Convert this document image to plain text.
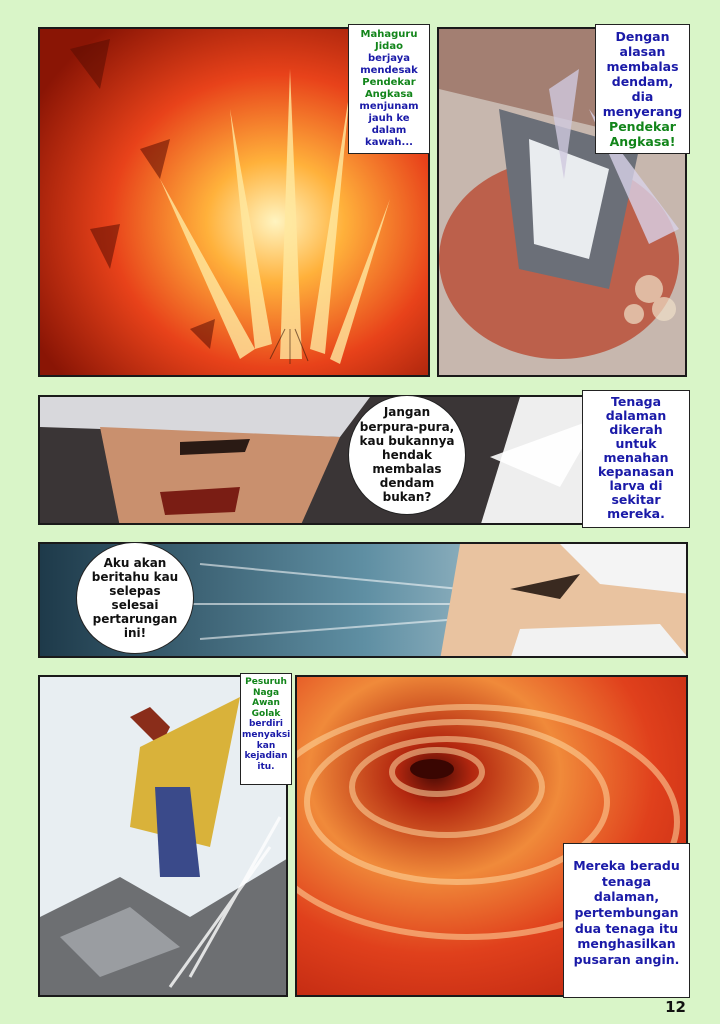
Mahaguru
Jidao
berjaya
mendesak
Pendekar
Angkasa
menjunam
jauh ke
dalam
kawah...
Dengan
alasan
membalas
dendam,
dia
menyerang
Pendekar
Angkasa!
Jangan
berpura-pura,
kau bukannya
hendak
membalas
dendam
bukan?
Tenaga
dalaman
dikerah
untuk
menahan
kepanasan
larva di
sekitar
mereka.
Aku akan
beritahu kau
selepas
selesai
pertarungan
ini!
Pesuruh
Naga
Awan
Golak
berdiri
menyaksi
kan
kejadian
itu.
Mereka beradu
tenaga
dalaman,
pertembungan
dua tenaga itu
menghasilkan
pusaran angin.
12
